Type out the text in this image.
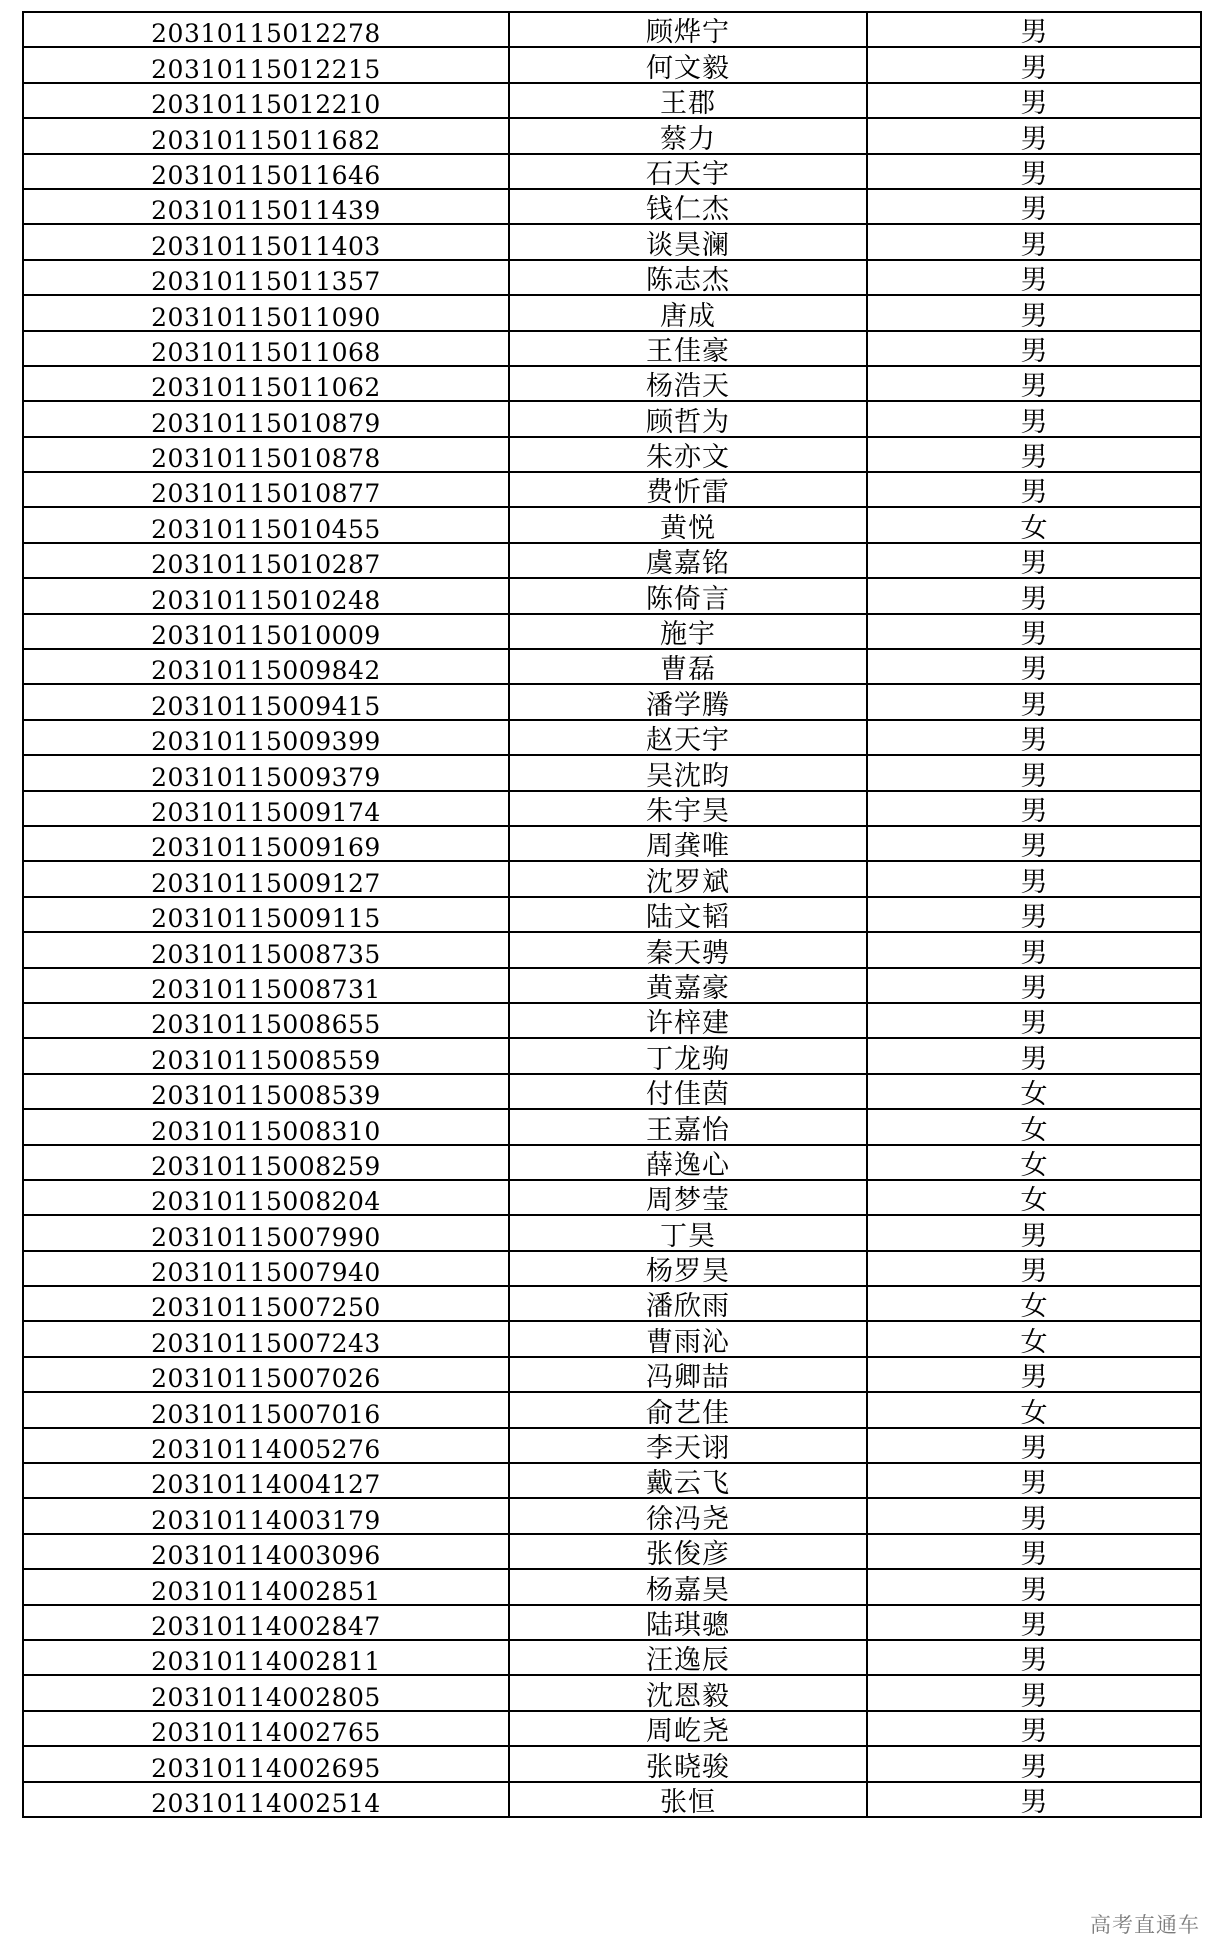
20310115012278	顾烨宁	男
20310115012215	何文毅	男
20310115012210	王郡	男
20310115011682	蔡力	男
20310115011646	石天宇	男
20310115011439	钱仁杰	男
20310115011403	谈昊澜	男
20310115011357	陈志杰	男
20310115011090	唐成	男
20310115011068	王佳豪	男
20310115011062	杨浩天	男
20310115010879	顾哲为	男
20310115010878	朱亦文	男
20310115010877	费忻雷	男
20310115010455	黄悦	女
20310115010287	虞嘉铭	男
20310115010248	陈倚言	男
20310115010009	施宇	男
20310115009842	曹磊	男
20310115009415	潘学腾	男
20310115009399	赵天宇	男
20310115009379	吴沈昀	男
20310115009174	朱宇昊	男
20310115009169	周龚唯	男
20310115009127	沈罗斌	男
20310115009115	陆文韬	男
20310115008735	秦天骋	男
20310115008731	黄嘉豪	男
20310115008655	许梓建	男
20310115008559	丁龙驹	男
20310115008539	付佳茵	女
20310115008310	王嘉怡	女
20310115008259	薛逸心	女
20310115008204	周梦莹	女
20310115007990	丁昊	男
20310115007940	杨罗昊	男
20310115007250	潘欣雨	女
20310115007243	曹雨沁	女
20310115007026	冯卿喆	男
20310115007016	俞艺佳	女
20310114005276	李天诩	男
20310114004127	戴云飞	男
20310114003179	徐冯尧	男
20310114003096	张俊彦	男
20310114002851	杨嘉昊	男
20310114002847	陆琪骢	男
20310114002811	汪逸辰	男
20310114002805	沈恩毅	男
20310114002765	周屹尧	男
20310114002695	张晓骏	男
20310114002514	张恒	男
高考直通车
